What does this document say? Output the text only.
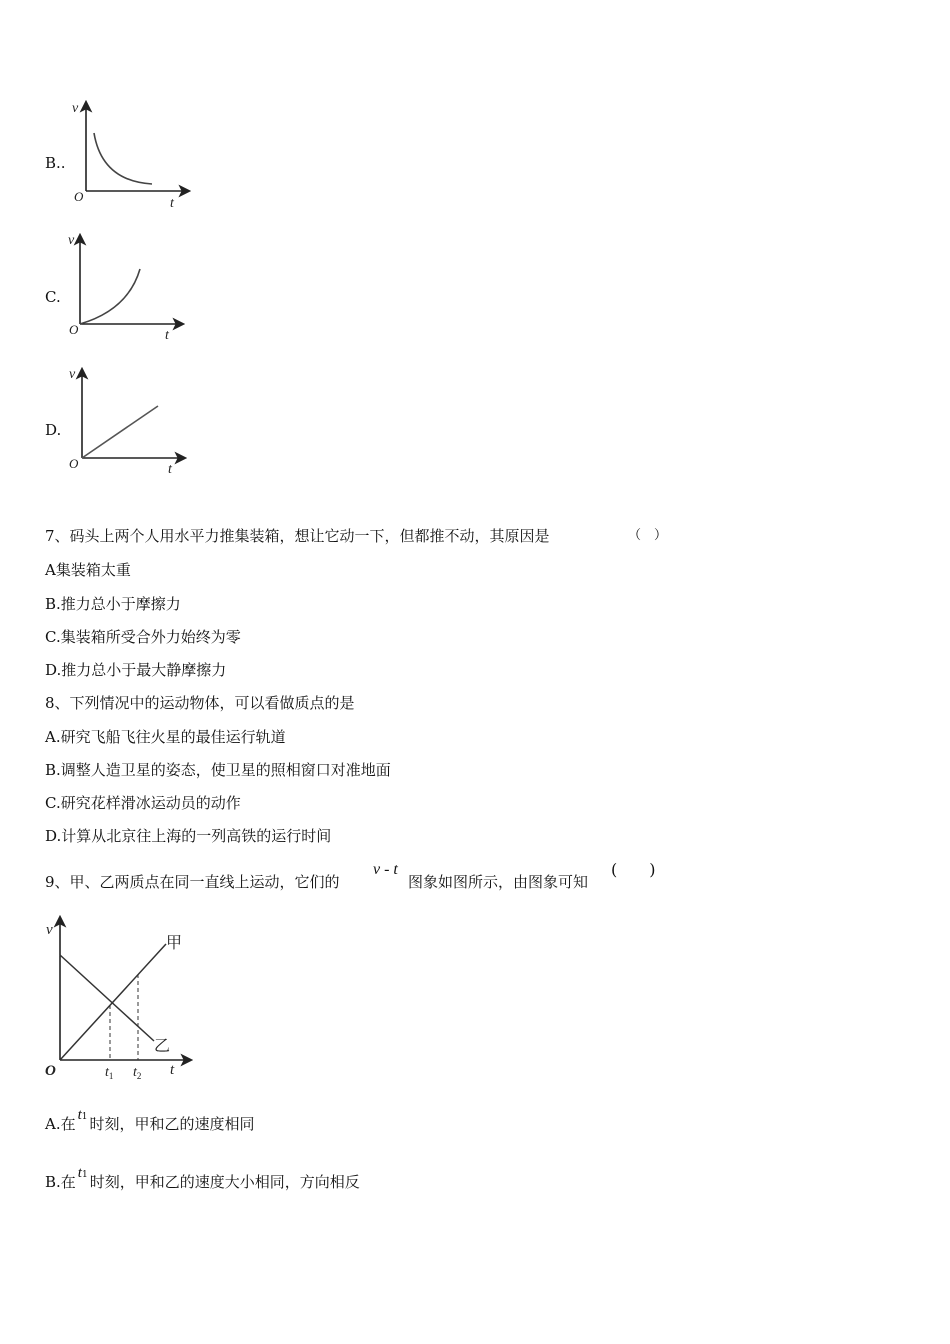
B..
v
t
O
C.
v
t
O
D.
v
t
O
7、码头上两个人用水平力推集装箱，想让它动一下，但都推不动，其原因是	（　）
A集装箱太重
B.推力总小于摩擦力
C.集装箱所受合外力始终为零
D.推力总小于最大静摩擦力
8、下列情况中的运动物体，可以看做质点的是
A.研究飞船飞往火星的最佳运行轨道
B.调整人造卫星的姿态，使卫星的照相窗口对准地面
C.研究花样滑冰运动员的动作
D.计算从北京往上海的一列高铁的运行时间
9、甲、乙两质点在同一直线上运动，它们的
v - t
图象如图所示，由图象可知
(　　)
v
t
O
甲
乙
$t_1$ $t_2$
A.在 t1 时刻，甲和乙的速度相同
B.在 t1 时刻，甲和乙的速度大小相同，方向相反
